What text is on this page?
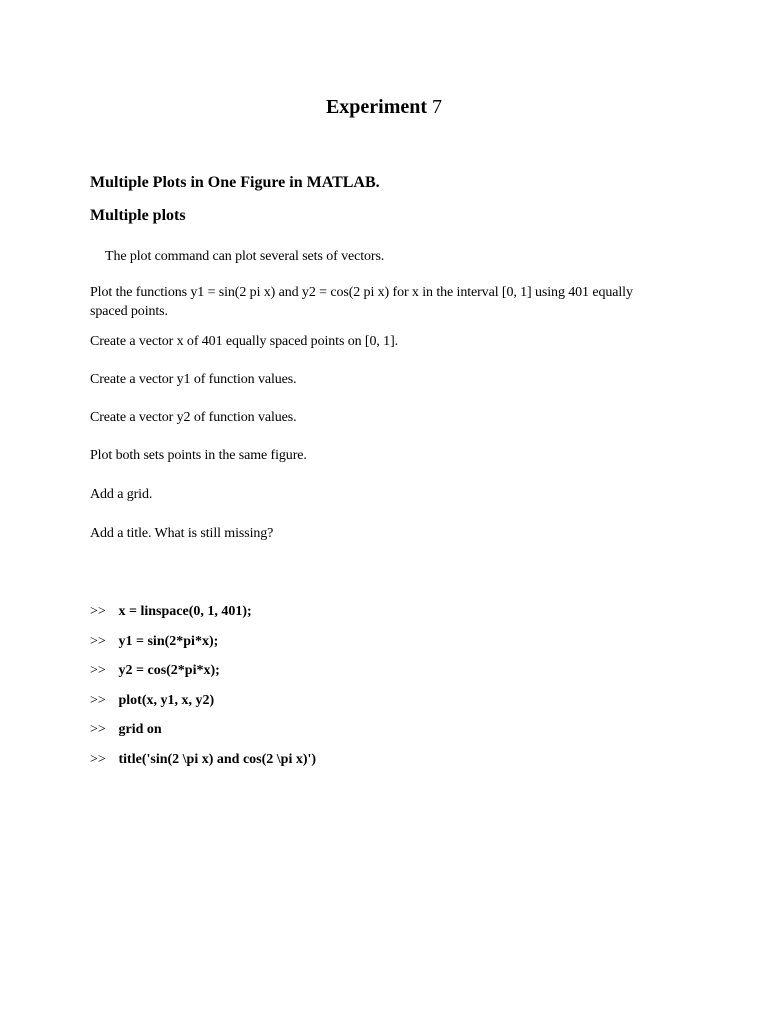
Experiment 7
Multiple Plots in One Figure in MATLAB.
Multiple plots
The plot command can plot several sets of vectors.
Plot the functions y1 = sin(2 pi x) and y2 = cos(2 pi x) for x in the interval [0, 1] using 401 equally spaced points.
Create a vector x of 401 equally spaced points on [0, 1].
Create a vector y1 of function values.
Create a vector y2 of function values.
Plot both sets points in the same figure.
Add a grid.
Add a title. What is still missing?
>> x = linspace(0, 1, 401);
>> y1 = sin(2*pi*x);
>> y2 = cos(2*pi*x);
>> plot(x, y1, x, y2)
>> grid on
>> title('sin(2 \pi x) and cos(2 \pi x)')
